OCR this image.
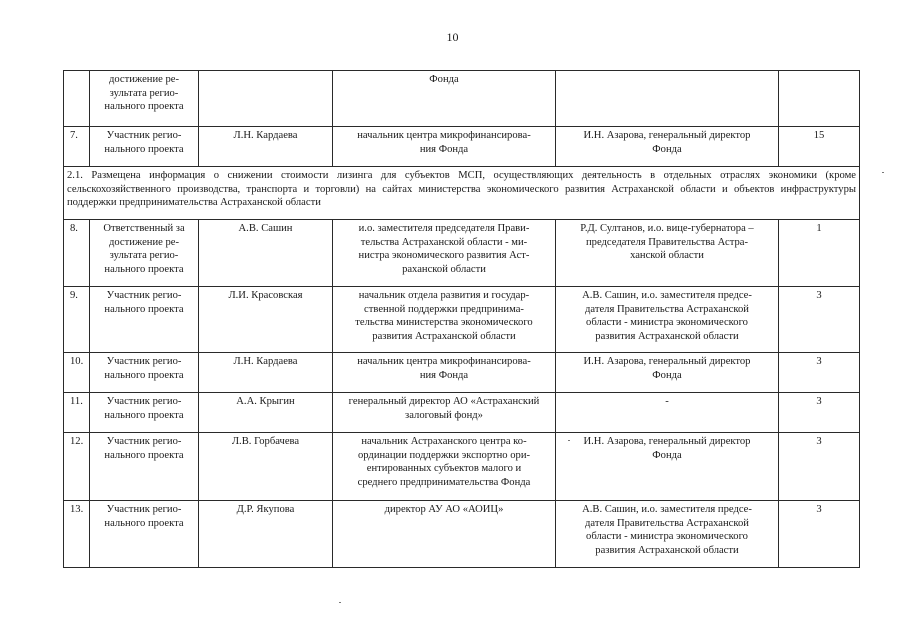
10
	достижение ре-
зультата регио-
нального проекта		Фонда		
7.	Участник регио-
нального проекта	Л.Н. Кардаева	начальник центра микрофинансирова-
ния Фонда	И.Н. Азарова, генеральный директор
Фонда	15
2.1. Размещена информация о снижении стоимости лизинга для субъектов МСП, осуществляющих деятельность в отдельных отраслях экономики (кроме сельскохозяйственного производства, транспорта и торговли) на сайтах министерства экономического развития Астраханской области и объектов инфраструктуры поддержки предпринимательства Астраханской области					
8.	Ответственный за
достижение ре-
зультата регио-
нального проекта	А.В. Сашин	и.о. заместителя председателя Прави-
тельства Астраханской области - ми-
нистра экономического развития Аст-
раханской области	Р.Д. Султанов, и.о. вице-губернатора –
председателя Правительства Астра-
ханской области	1
9.	Участник регио-
нального проекта	Л.И. Красовская	начальник отдела развития и государ-
ственной поддержки предпринима-
тельства министерства экономического
развития Астраханской области	А.В. Сашин, и.о. заместителя предсе-
дателя Правительства Астраханской
области - министра экономического
развития Астраханской области	3
10.	Участник регио-
нального проекта	Л.Н. Кардаева	начальник центра микрофинансирова-
ния Фонда	И.Н. Азарова, генеральный директор
Фонда	3
11.	Участник регио-
нального проекта	А.А. Крыгин	генеральный директор АО «Астраханский
залоговый фонд»	-	3
12.	Участник регио-
нального проекта	Л.В. Горбачева	начальник Астраханского центра ко-
ординации поддержки экспортно ори-
ентированных субъектов малого и
среднего предпринимательства Фонда	И.Н. Азарова, генеральный директор
Фонда	3
13.	Участник регио-
нального проекта	Д.Р. Якупова	директор АУ АО «АОИЦ»	А.В. Сашин, и.о. заместителя предсе-
дателя Правительства Астраханской
области - министра экономического
развития Астраханской области	3
